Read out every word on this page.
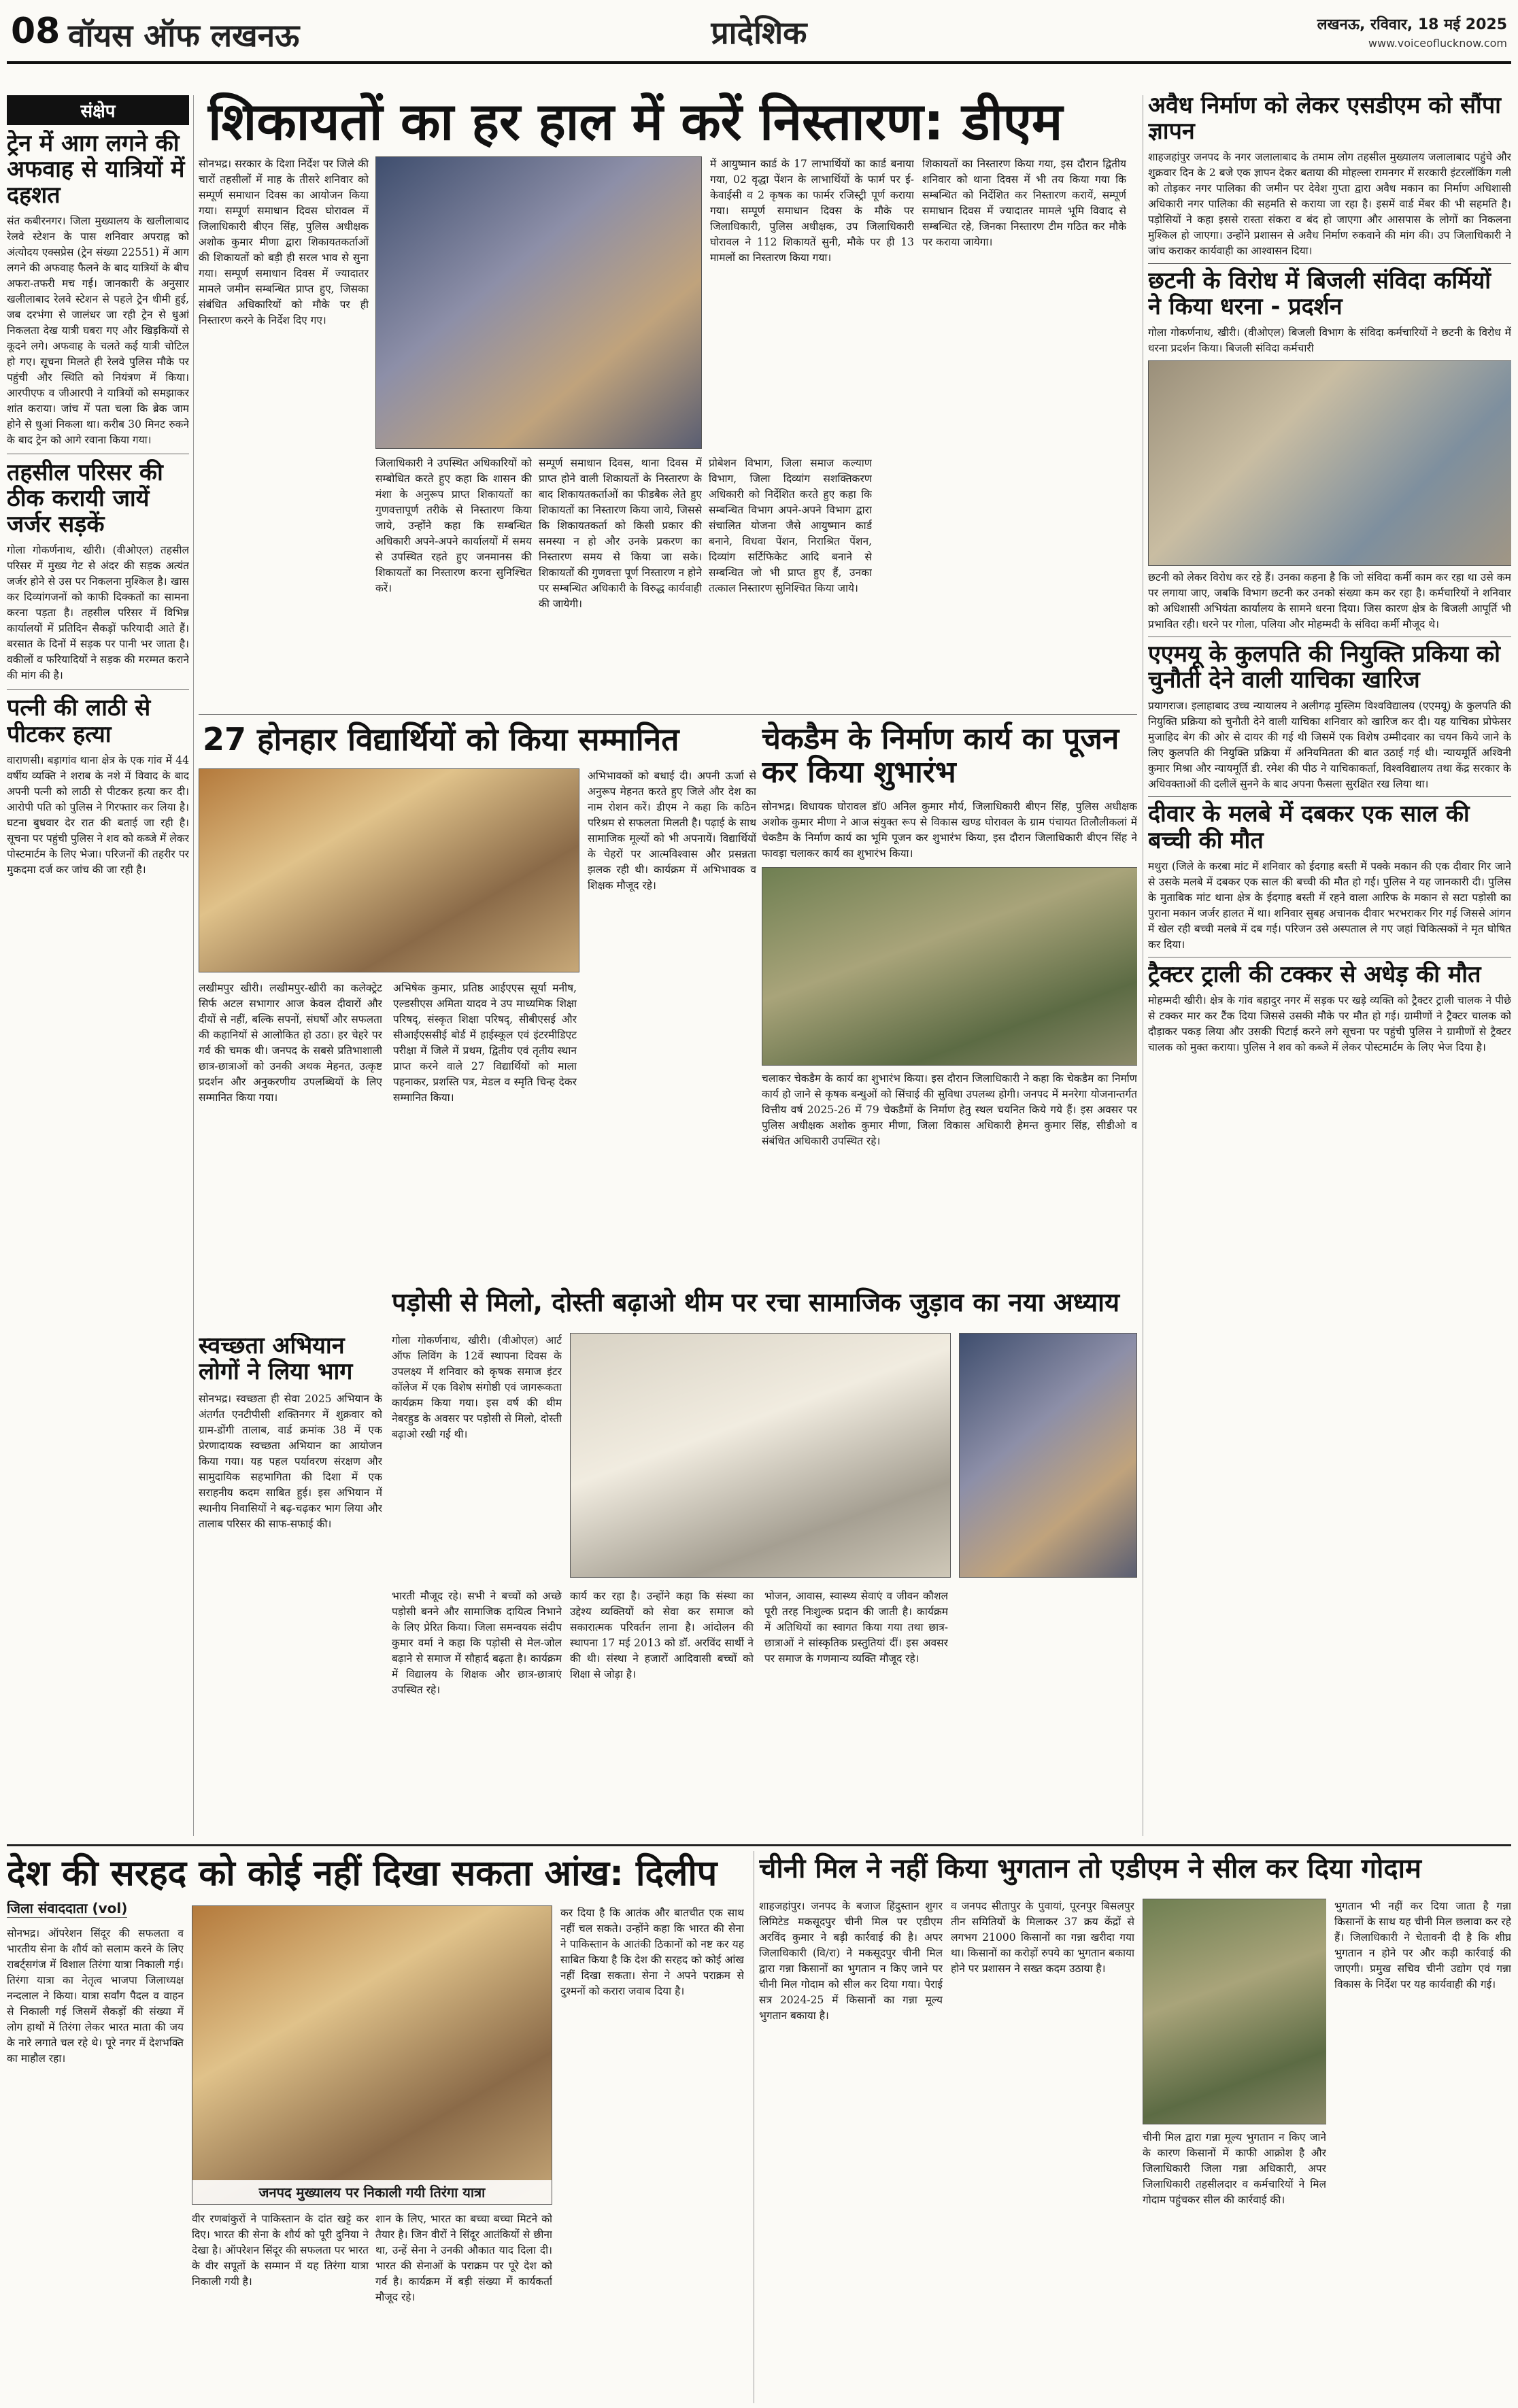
08 वॉयस ऑफ लखनऊ	प्रादेशिक	लखनऊ, रविवार, 18 मई 2025
www.voiceoflucknow.com
संक्षेप
ट्रेन में आग लगने की अफवाह से यात्रियों में दहशत

संत कबीरनगर। जिला मुख्यालय के खलीलाबाद रेलवे स्टेशन के पास शनिवार अपराह्न को अंत्योदय एक्सप्रेस (ट्रेन संख्या 22551) में आग लगने की अफवाह फैलने के बाद यात्रियों के बीच अफरा-तफरी मच गई। जानकारी के अनुसार खलीलाबाद रेलवे स्टेशन से पहले ट्रेन धीमी हुई, जब दरभंगा से जालंधर जा रही ट्रेन से धुआं निकलता देख यात्री घबरा गए और खिड़कियों से कूदने लगे। अफवाह के चलते कई यात्री चोटिल हो गए। सूचना मिलते ही रेलवे पुलिस मौके पर पहुंची और स्थिति को नियंत्रण में किया। आरपीएफ व जीआरपी ने यात्रियों को समझाकर शांत कराया। जांच में पता चला कि ब्रेक जाम होने से धुआं निकला था। करीब 30 मिनट रुकने के बाद ट्रेन को आगे रवाना किया गया।

तहसील परिसर की ठीक करायी जायें जर्जर सड़कें

गोला गोकर्णनाथ, खीरी। (वीओएल) तहसील परिसर में मुख्य गेट से अंदर की सड़क अत्यंत जर्जर होने से उस पर निकलना मुश्किल है। खास कर दिव्यांगजनों को काफी दिक्कतों का सामना करना पड़ता है। तहसील परिसर में विभिन्न कार्यालयों में प्रतिदिन सैकड़ों फरियादी आते हैं। बरसात के दिनों में सड़क पर पानी भर जाता है। वकीलों व फरियादियों ने सड़क की मरम्मत कराने की मांग की है।

पत्नी की लाठी से पीटकर हत्या

वाराणसी। बड़ागांव थाना क्षेत्र के एक गांव में 44 वर्षीय व्यक्ति ने शराब के नशे में विवाद के बाद अपनी पत्नी को लाठी से पीटकर हत्या कर दी। आरोपी पति को पुलिस ने गिरफ्तार कर लिया है। घटना बुधवार देर रात की बताई जा रही है। सूचना पर पहुंची पुलिस ने शव को कब्जे में लेकर पोस्टमार्टम के लिए भेजा। परिजनों की तहरीर पर मुकदमा दर्ज कर जांच की जा रही है।

शिकायतों का हर हाल में करें निस्तारण: डीएम

सोनभद्र। सरकार के दिशा निर्देश पर जिले की चारों तहसीलों में माह के तीसरे शनिवार को सम्पूर्ण समाधान दिवस का आयोजन किया गया। सम्पूर्ण समाधान दिवस घोरावल में जिलाधिकारी बीएन सिंह, पुलिस अधीक्षक अशोक कुमार मीणा द्वारा शिकायतकर्ताओं की शिकायतों को बड़ी ही सरल भाव से सुना गया। सम्पूर्ण समाधान दिवस में ज्यादातर मामले जमीन सम्बन्धित प्राप्त हुए, जिसका संबंधित अधिकारियों को मौके पर ही निस्तारण करने के निर्देश दिए गए।

जिलाधिकारी ने उपस्थित अधिकारियों को सम्बोधित करते हुए कहा कि शासन की मंशा के अनुरूप प्राप्त शिकायतों का गुणवत्तापूर्ण तरीके से निस्तारण किया जाये, उन्होंने कहा कि सम्बन्धित अधिकारी अपने-अपने कार्यालयों में समय से उपस्थित रहते हुए जनमानस की शिकायतों का निस्तारण करना सुनिश्चित करें।

सम्पूर्ण समाधान दिवस, थाना दिवस में प्राप्त होने वाली शिकायतों के निस्तारण के बाद शिकायतकर्ताओं का फीडबैक लेते हुए शिकायतों का निस्तारण किया जाये, जिससे कि शिकायतकर्ता को किसी प्रकार की समस्या न हो और उनके प्रकरण का निस्तारण समय से किया जा सके। शिकायतों की गुणवत्ता पूर्ण निस्तारण न होने पर सम्बन्धित अधिकारी के विरुद्ध कार्यवाही की जायेगी।

प्रोबेशन विभाग, जिला समाज कल्याण विभाग, जिला दिव्यांग सशक्तिकरण अधिकारी को निर्देशित करते हुए कहा कि सम्बन्धित विभाग अपने-अपने विभाग द्वारा संचालित योजना जैसे आयुष्मान कार्ड बनाने, विधवा पेंशन, निराश्रित पेंशन, दिव्यांग सर्टिफिकेट आदि बनाने से सम्बन्धित जो भी प्राप्त हुए हैं, उनका तत्काल निस्तारण सुनिश्चित किया जाये।

में आयुष्मान कार्ड के 17 लाभार्थियों का कार्ड बनाया गया, 02 वृद्धा पेंशन के लाभार्थियों के फार्म पर ई-केवाईसी व 2 कृषक का फार्मर रजिस्ट्री पूर्ण कराया गया। सम्पूर्ण समाधान दिवस के मौके पर जिलाधिकारी, पुलिस अधीक्षक, उप जिलाधिकारी घोरावल ने 112 शिकायतें सुनी, मौके पर ही 13 मामलों का निस्तारण किया गया।

शिकायतों का निस्तारण किया गया, इस दौरान द्वितीय शनिवार को थाना दिवस में भी तय किया गया कि सम्बन्धित को निर्देशित कर निस्तारण करायें, सम्पूर्ण समाधान दिवस में ज्यादातर मामले भूमि विवाद से सम्बन्धित रहे, जिनका निस्तारण टीम गठित कर मौके पर कराया जायेगा।

27 होनहार विद्यार्थियों को किया सम्मानित

लखीमपुर खीरी। लखीमपुर-खीरी का कलेक्ट्रेट सिर्फ अटल सभागार आज केवल दीवारों और दीयों से नहीं, बल्कि सपनों, संघर्षों और सफलता की कहानियों से आलोकित हो उठा। हर चेहरे पर गर्व की चमक थी। जनपद के सबसे प्रतिभाशाली छात्र-छात्राओं को उनकी अथक मेहनत, उत्कृष्ट प्रदर्शन और अनुकरणीय उपलब्धियों के लिए सम्मानित किया गया।

अभिषेक कुमार, प्रतिष्ठ आईएएस सूर्या मनीष, एल्डसीएस अमिता यादव ने उप माध्यमिक शिक्षा परिषद्, संस्कृत शिक्षा परिषद्, सीबीएसई और सीआईएससीई बोर्ड में हाईस्कूल एवं इंटरमीडिएट परीक्षा में जिले में प्रथम, द्वितीय एवं तृतीय स्थान प्राप्त करने वाले 27 विद्यार्थियों को माला पहनाकर, प्रशस्ति पत्र, मेडल व स्मृति चिन्ह देकर सम्मानित किया।

अभिभावकों को बधाई दी। अपनी ऊर्जा से अनुरूप मेहनत करते हुए जिले और देश का नाम रोशन करें। डीएम ने कहा कि कठिन परिश्रम से सफलता मिलती है। पढ़ाई के साथ सामाजिक मूल्यों को भी अपनायें। विद्यार्थियों के चेहरों पर आत्मविश्वास और प्रसन्नता झलक रही थी। कार्यक्रम में अभिभावक व शिक्षक मौजूद रहे।

स्वच्छता अभियान लोगों ने लिया भाग

सोनभद्र। स्वच्छता ही सेवा 2025 अभियान के अंतर्गत एनटीपीसी शक्तिनगर में शुक्रवार को ग्राम-डोंगी तालाब, वार्ड क्रमांक 38 में एक प्रेरणादायक स्वच्छता अभियान का आयोजन किया गया। यह पहल पर्यावरण संरक्षण और सामुदायिक सहभागिता की दिशा में एक सराहनीय कदम साबित हुई। इस अभियान में स्थानीय निवासियों ने बढ़-चढ़कर भाग लिया और तालाब परिसर की साफ-सफाई की।

चेकडैम के निर्माण कार्य का पूजन कर किया शुभारंभ

सोनभद्र। विधायक घोरावल डॉ0 अनिल कुमार मौर्य, जिलाधिकारी बीएन सिंह, पुलिस अधीक्षक अशोक कुमार मीणा ने आज संयुक्त रूप से विकास खण्ड घोरावल के ग्राम पंचायत तिलौलीकलां में चेकडैम के निर्माण कार्य का भूमि पूजन कर शुभारंभ किया, इस दौरान जिलाधिकारी बीएन सिंह ने फावड़ा चलाकर कार्य का शुभारंभ किया।

चलाकर चेकडैम के कार्य का शुभारंभ किया। इस दौरान जिलाधिकारी ने कहा कि चेकडैम का निर्माण कार्य हो जाने से कृषक बन्धुओं को सिंचाई की सुविधा उपलब्ध होगी। जनपद में मनरेगा योजनान्तर्गत वित्तीय वर्ष 2025-26 में 79 चेकडैमों के निर्माण हेतु स्थल चयनित किये गये हैं। इस अवसर पर पुलिस अधीक्षक अशोक कुमार मीणा, जिला विकास अधिकारी हेमन्त कुमार सिंह, सीडीओ व संबंधित अधिकारी उपस्थित रहे।

पड़ोसी से मिलो, दोस्ती बढ़ाओ थीम पर रचा सामाजिक जुड़ाव का नया अध्याय

गोला गोकर्णनाथ, खीरी। (वीओएल) आर्ट ऑफ लिविंग के 12वें स्थापना दिवस के उपलक्ष्य में शनिवार को कृषक समाज इंटर कॉलेज में एक विशेष संगोष्ठी एवं जागरूकता कार्यक्रम किया गया। इस वर्ष की थीम नेबरहुड के अवसर पर पड़ोसी से मिलो, दोस्ती बढ़ाओ रखी गई थी।

भारती मौजूद रहे। सभी ने बच्चों को अच्छे पड़ोसी बनने और सामाजिक दायित्व निभाने के लिए प्रेरित किया। जिला समन्वयक संदीप कुमार वर्मा ने कहा कि पड़ोसी से मेल-जोल बढ़ाने से समाज में सौहार्द बढ़ता है। कार्यक्रम में विद्यालय के शिक्षक और छात्र-छात्राएं उपस्थित रहे।

कार्य कर रहा है। उन्होंने कहा कि संस्था का उद्देश्य व्यक्तियों को सेवा कर समाज को सकारात्मक परिवर्तन लाना है। आंदोलन की स्थापना 17 मई 2013 को डॉ. अरविंद सार्थी ने की थी। संस्था ने हजारों आदिवासी बच्चों को शिक्षा से जोड़ा है।

भोजन, आवास, स्वास्थ्य सेवाएं व जीवन कौशल पूरी तरह निःशुल्क प्रदान की जाती है। कार्यक्रम में अतिथियों का स्वागत किया गया तथा छात्र-छात्राओं ने सांस्कृतिक प्रस्तुतियां दीं। इस अवसर पर समाज के गणमान्य व्यक्ति मौजूद रहे।

अवैध निर्माण को लेकर एसडीएम को सौंपा ज्ञापन

शाहजहांपुर जनपद के नगर जलालाबाद के तमाम लोग तहसील मुख्यालय जलालाबाद पहुंचे और शुक्रवार दिन के 2 बजे एक ज्ञापन देकर बताया की मोहल्ला रामनगर में सरकारी इंटरलॉकिंग गली को तोड़कर नगर पालिका की जमीन पर देवेश गुप्ता द्वारा अवैध मकान का निर्माण अधिशासी अधिकारी नगर पालिका की सहमति से कराया जा रहा है। इसमें वार्ड मेंबर की भी सहमति है। पड़ोसियों ने कहा इससे रास्ता संकरा व बंद हो जाएगा और आसपास के लोगों का निकलना मुश्किल हो जाएगा। उन्होंने प्रशासन से अवैध निर्माण रुकवाने की मांग की। उप जिलाधिकारी ने जांच कराकर कार्यवाही का आश्वासन दिया।

छटनी के विरोध में बिजली संविदा कर्मियों ने किया धरना - प्रदर्शन

गोला गोकर्णनाथ, खीरी। (वीओएल) बिजली विभाग के संविदा कर्मचारियों ने छटनी के विरोध में धरना प्रदर्शन किया। बिजली संविदा कर्मचारी

छटनी को लेकर विरोध कर रहे हैं। उनका कहना है कि जो संविदा कर्मी काम कर रहा था उसे कम पर लगाया जाए, जबकि विभाग छटनी कर उनको संख्या कम कर रहा है। कर्मचारियों ने शनिवार को अधिशासी अभियंता कार्यालय के सामने धरना दिया। जिस कारण क्षेत्र के बिजली आपूर्ति भी प्रभावित रही। धरने पर गोला, पलिया और मोहम्मदी के संविदा कर्मी मौजूद थे।

एएमयू के कुलपति की नियुक्ति प्रकिया को चुनौती देने वाली याचिका खारिज

प्रयागराज। इलाहाबाद उच्च न्यायालय ने अलीगढ़ मुस्लिम विश्वविद्यालय (एएमयू) के कुलपति की नियुक्ति प्रक्रिया को चुनौती देने वाली याचिका शनिवार को खारिज कर दी। यह याचिका प्रोफेसर मुजाहिद बेग की ओर से दायर की गई थी जिसमें एक विशेष उम्मीदवार का चयन किये जाने के लिए कुलपति की नियुक्ति प्रक्रिया में अनियमितता की बात उठाई गई थी। न्यायमूर्ति अश्विनी कुमार मिश्रा और न्यायमूर्ति डी. रमेश की पीठ ने याचिकाकर्ता, विश्वविद्यालय तथा केंद्र सरकार के अधिवक्ताओं की दलीलें सुनने के बाद अपना फैसला सुरक्षित रख लिया था।

दीवार के मलबे में दबकर एक साल की बच्ची की मौत

मथुरा (जिले के करबा मांट में शनिवार को ईदगाह बस्ती में पक्के मकान की एक दीवार गिर जाने से उसके मलबे में दबकर एक साल की बच्ची की मौत हो गई। पुलिस ने यह जानकारी दी। पुलिस के मुताबिक मांट थाना क्षेत्र के ईदगाह बस्ती में रहने वाला आरिफ के मकान से सटा पड़ोसी का पुराना मकान जर्जर हालत में था। शनिवार सुबह अचानक दीवार भरभराकर गिर गई जिससे आंगन में खेल रही बच्ची मलबे में दब गई। परिजन उसे अस्पताल ले गए जहां चिकित्सकों ने मृत घोषित कर दिया।

ट्रैक्टर ट्राली की टक्कर से अधेड़ की मौत

मोहम्मदी खीरी। क्षेत्र के गांव बहादुर नगर में सड़क पर खड़े व्यक्ति को ट्रैक्टर ट्राली चालक ने पीछे से टक्कर मार कर टैंक दिया जिससे उसकी मौके पर मौत हो गई। ग्रामीणों ने ट्रैक्टर चालक को दौड़ाकर पकड़ लिया और उसकी पिटाई करने लगे सूचना पर पहुंची पुलिस ने ग्रामीणों से ट्रैक्टर चालक को मुक्त कराया। पुलिस ने शव को कब्जे में लेकर पोस्टमार्टम के लिए भेज दिया है।

देश की सरहद को कोई नहीं दिखा सकता आंख: दिलीप
जिला संवाददाता (vol)

सोनभद्र। ऑपरेशन सिंदूर की सफलता व भारतीय सेना के शौर्य को सलाम करने के लिए राबर्ट्सगंज में विशाल तिरंगा यात्रा निकाली गई। तिरंगा यात्रा का नेतृत्व भाजपा जिलाध्यक्ष नन्दलाल ने किया। यात्रा सर्वांग पैदल व वाहन से निकाली गई जिसमें सैकड़ों की संख्या में लोग हाथों में तिरंगा लेकर भारत माता की जय के नारे लगाते चल रहे थे। पूरे नगर में देशभक्ति का माहौल रहा।

जनपद मुख्यालय पर निकाली गयी तिरंगा यात्रा

वीर रणबांकुरों ने पाकिस्तान के दांत खट्टे कर दिए। भारत की सेना के शौर्य को पूरी दुनिया ने देखा है। ऑपरेशन सिंदूर की सफलता पर भारत के वीर सपूतों के सम्मान में यह तिरंगा यात्रा निकाली गयी है।

शान के लिए, भारत का बच्चा बच्चा मिटने को तैयार है। जिन वीरों ने सिंदूर आतंकियों से छीना था, उन्हें सेना ने उनकी औकात याद दिला दी। भारत की सेनाओं के पराक्रम पर पूरे देश को गर्व है। कार्यक्रम में बड़ी संख्या में कार्यकर्ता मौजूद रहे।

कर दिया है कि आतंक और बातचीत एक साथ नहीं चल सकते। उन्होंने कहा कि भारत की सेना ने पाकिस्तान के आतंकी ठिकानों को नष्ट कर यह साबित किया है कि देश की सरहद को कोई आंख नहीं दिखा सकता। सेना ने अपने पराक्रम से दुश्मनों को करारा जवाब दिया है।

चीनी मिल ने नहीं किया भुगतान तो एडीएम ने सील कर दिया गोदाम

शाहजहांपुर। जनपद के बजाज हिंदुस्तान शुगर लिमिटेड मकसूदपुर चीनी मिल पर एडीएम अरविंद कुमार ने बड़ी कार्रवाई की है। अपर जिलाधिकारी (वि/रा) ने मकसूदपुर चीनी मिल द्वारा गन्ना किसानों का भुगतान न किए जाने पर चीनी मिल गोदाम को सील कर दिया गया। पेराई सत्र 2024-25 में किसानों का गन्ना मूल्य भुगतान बकाया है।

व जनपद सीतापुर के पुवायां, पूरनपुर बिसलपुर तीन समितियों के मिलाकर 37 क्रय केंद्रों से लगभग 21000 किसानों का गन्ना खरीदा गया था। किसानों का करोड़ों रुपये का भुगतान बकाया होने पर प्रशासन ने सख्त कदम उठाया है।

चीनी मिल द्वारा गन्ना मूल्य भुगतान न किए जाने के कारण किसानों में काफी आक्रोश है और जिलाधिकारी जिला गन्ना अधिकारी, अपर जिलाधिकारी तहसीलदार व कर्मचारियों ने मिल गोदाम पहुंचकर सील की कार्रवाई की।

भुगतान भी नहीं कर दिया जाता है गन्ना किसानों के साथ यह चीनी मिल छलावा कर रहे हैं। जिलाधिकारी ने चेतावनी दी है कि शीघ्र भुगतान न होने पर और कड़ी कार्रवाई की जाएगी। प्रमुख सचिव चीनी उद्योग एवं गन्ना विकास के निर्देश पर यह कार्यवाही की गई।
